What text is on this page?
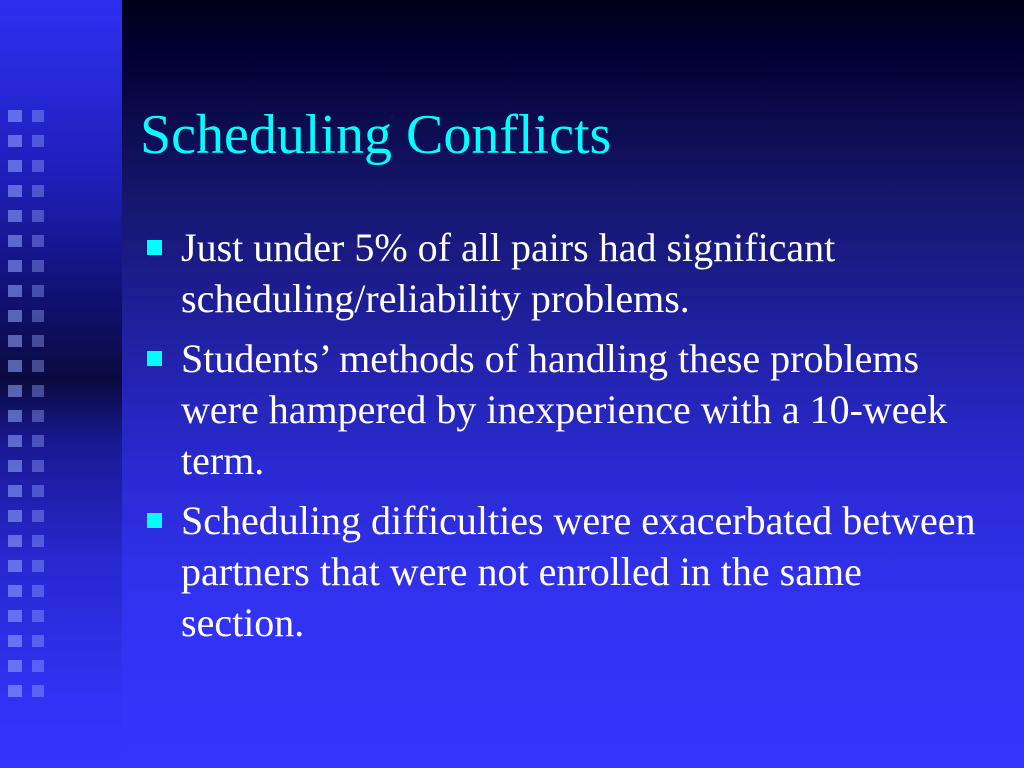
Scheduling Conflicts
Just under 5% of all pairs had significant scheduling/reliability problems.
Students’ methods of handling these problems were hampered by inexperience with a 10-week term.
Scheduling difficulties were exacerbated between partners that were not enrolled in the same section.
